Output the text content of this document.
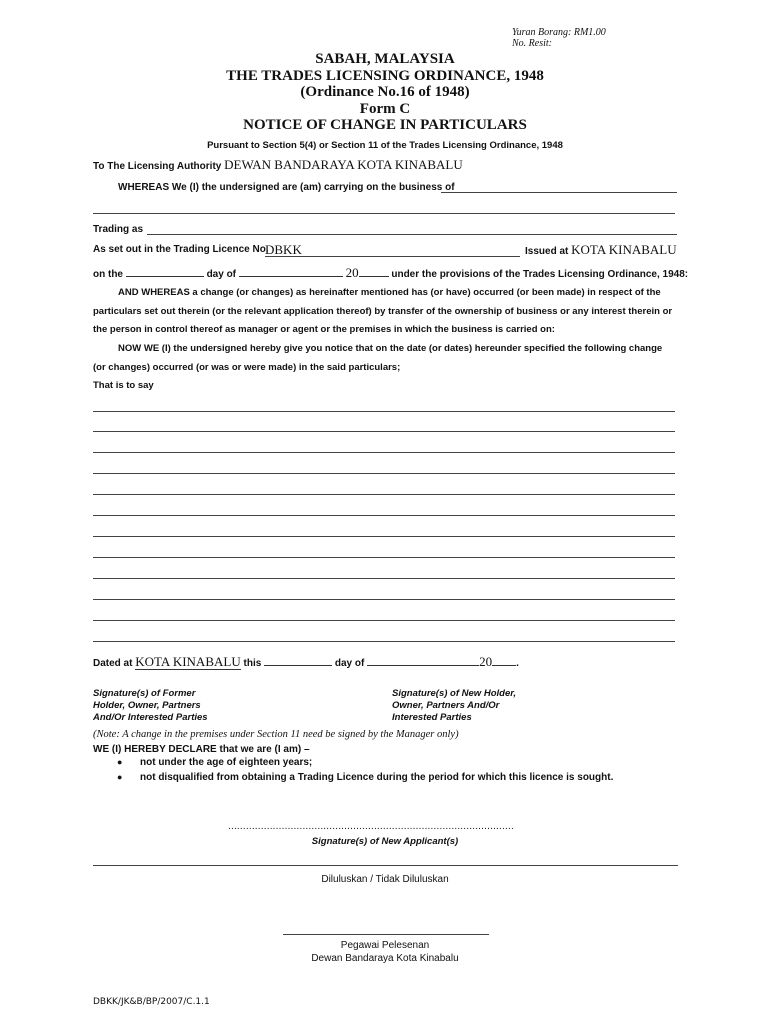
Yuran Borang: RM1.00
No. Resit:
SABAH, MALAYSIA
THE TRADES LICENSING ORDINANCE, 1948
(Ordinance No.16 of 1948)
Form C
NOTICE OF CHANGE IN PARTICULARS
Pursuant to Section 5(4) or Section 11 of the Trades Licensing Ordinance, 1948
To The Licensing Authority DEWAN BANDARAYA KOTA KINABALU
WHEREAS We (I) the undersigned are (am) carrying on the business of
Trading as
As set out in the Trading Licence No.
DBKK	Issued at KOTA KINABALU
on the	day of	20	under the provisions of the Trades Licensing Ordinance, 1948:
AND WHEREAS a change (or changes) as hereinafter mentioned has (or have) occurred (or been made) in respect of the
particulars set out therein (or the relevant application thereof) by transfer of the ownership of business or any interest therein or
the person in control thereof as manager or agent or the premises in which the business is carried on:
NOW WE (I) the undersigned hereby give you notice that on the date (or dates) hereunder specified the following change
(or changes) occurred (or was or were made) in the said particulars;
That is to say
Dated at KOTA KINABALU this	day of	20 .
Signature(s) of Former
Holder, Owner, Partners
And/Or Interested Parties
Signature(s) of New Holder,
Owner, Partners And/Or
Interested Parties
(Note: A change in the premises under Section 11 need be signed by the Manager only)
WE (I) HEREBY DECLARE that we are (I am) –
● not under the age of eighteen years;
● not disqualified from obtaining a Trading Licence during the period for which this licence is sought.
................................................................................................
Signature(s) of New Applicant(s)
Diluluskan / Tidak Diluluskan
Pegawai Pelesenan
Dewan Bandaraya Kota Kinabalu
DBKK/JK&B/BP/2007/C.1.1
